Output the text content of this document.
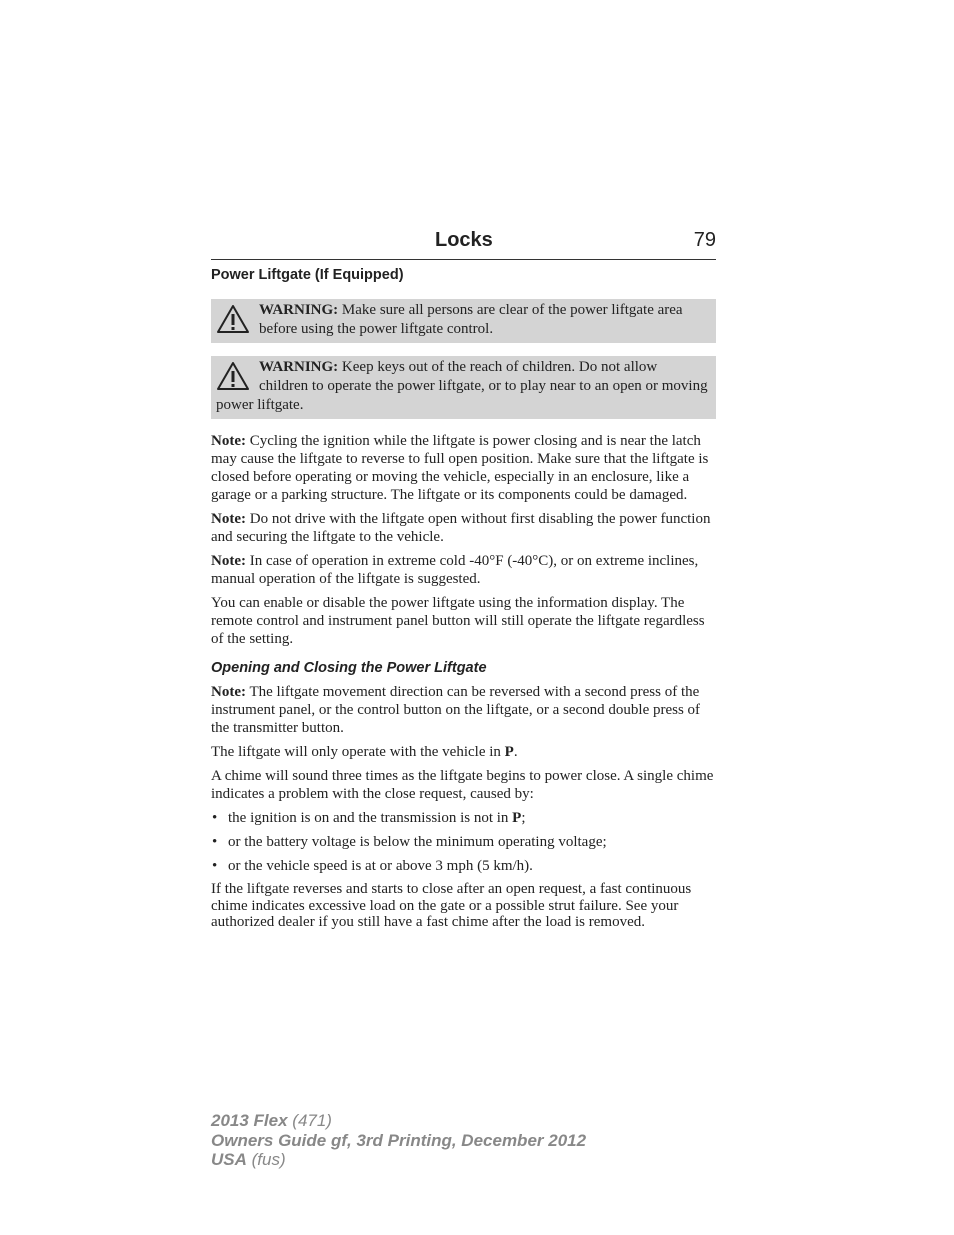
Locks	79
Power Liftgate (If Equipped)
WARNING: Make sure all persons are clear of the power liftgate area before using the power liftgate control.
WARNING: Keep keys out of the reach of children. Do not allow children to operate the power liftgate, or to play near to an open or moving power liftgate.

Note: Cycling the ignition while the liftgate is power closing and is near the latch may cause the liftgate to reverse to full open position. Make sure that the liftgate is closed before operating or moving the vehicle, especially in an enclosure, like a garage or a parking structure. The liftgate or its components could be damaged.

Note: Do not drive with the liftgate open without first disabling the power function and securing the liftgate to the vehicle.

Note: In case of operation in extreme cold -40°F (-40°C), or on extreme inclines, manual operation of the liftgate is suggested.

You can enable or disable the power liftgate using the information display. The remote control and instrument panel button will still operate the liftgate regardless of the setting.

Opening and Closing the Power Liftgate

Note: The liftgate movement direction can be reversed with a second press of the instrument panel, or the control button on the liftgate, or a second double press of the transmitter button.

The liftgate will only operate with the vehicle in P.

A chime will sound three times as the liftgate begins to power close. A single chime indicates a problem with the close request, caused by:

• the ignition is on and the transmission is not in P;
• or the battery voltage is below the minimum operating voltage;
• or the vehicle speed is at or above 3 mph (5 km/h).

If the liftgate reverses and starts to close after an open request, a fast continuous chime indicates excessive load on the gate or a possible strut failure. See your authorized dealer if you still have a fast chime after the load is removed.

2013 Flex (471)
Owners Guide gf, 3rd Printing, December 2012
USA (fus)
